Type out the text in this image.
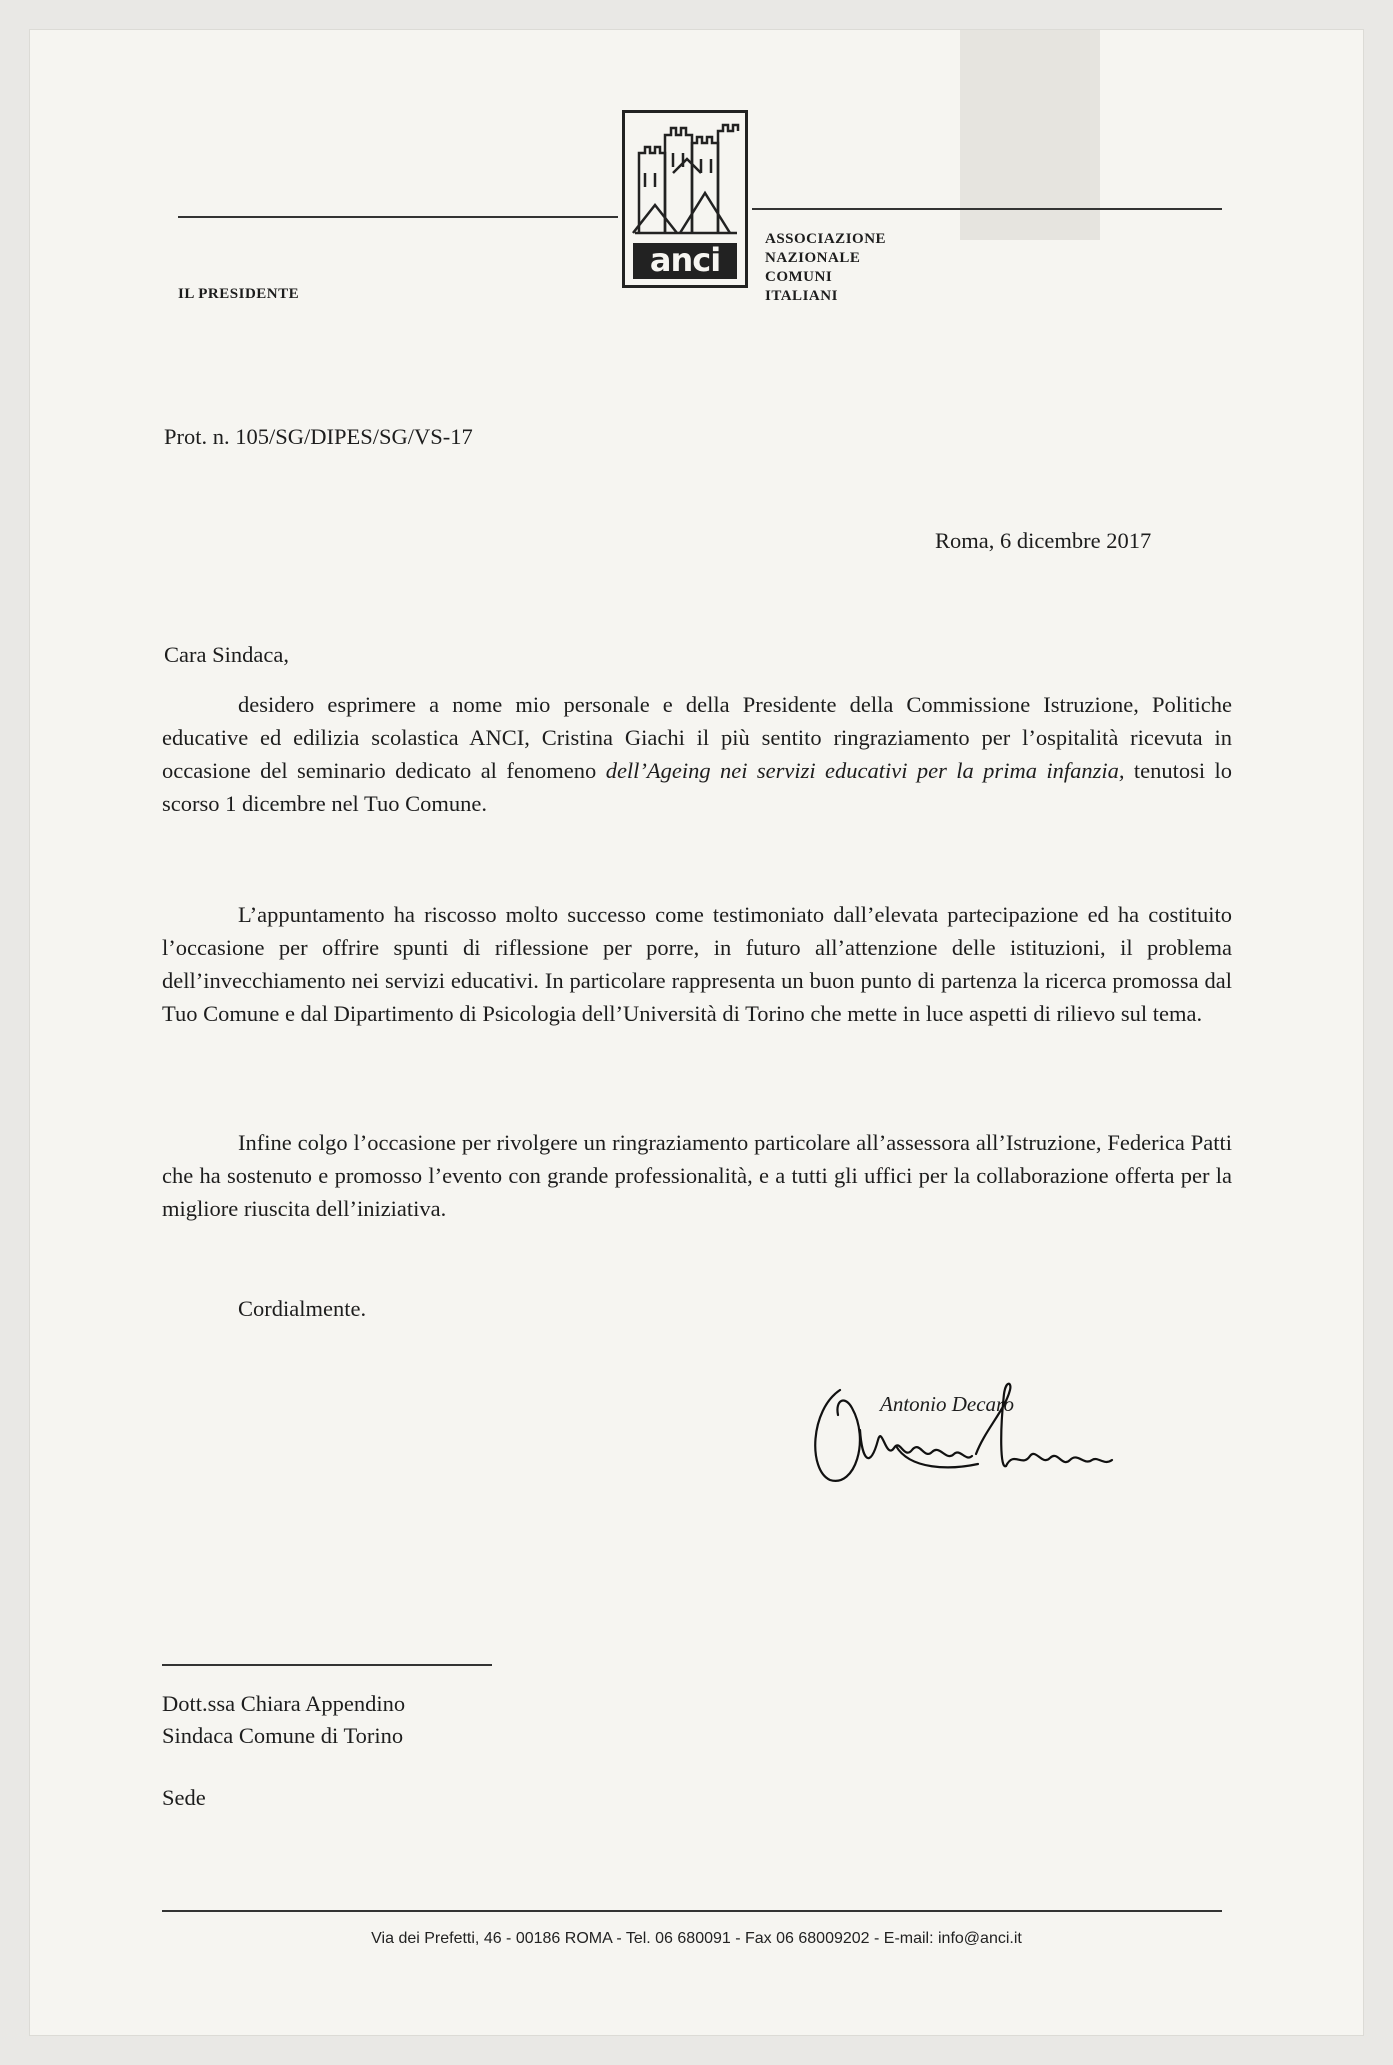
anci
ASSOCIAZIONE
NAZIONALE
COMUNI
ITALIANI
IL PRESIDENTE
Prot. n. 105/SG/DIPES/SG/VS-17
Roma, 6 dicembre 2017
Cara Sindaca,
desidero esprimere a nome mio personale e della Presidente della Commissione Istruzione, Politiche educative ed edilizia scolastica ANCI, Cristina Giachi il più sentito ringraziamento per l’ospitalità ricevuta in occasione del seminario dedicato al fenomeno dell’Ageing nei servizi educativi per la prima infanzia, tenutosi lo scorso 1 dicembre nel Tuo Comune.
L’appuntamento ha riscosso molto successo come testimoniato dall’elevata partecipazione ed ha costituito l’occasione per offrire spunti di riflessione per porre, in futuro all’attenzione delle istituzioni, il problema dell’invecchiamento nei servizi educativi. In particolare rappresenta un buon punto di partenza la ricerca promossa dal Tuo Comune e dal Dipartimento di Psicologia dell’Università di Torino che mette in luce aspetti di rilievo sul tema.
Infine colgo l’occasione per rivolgere un ringraziamento particolare all’assessora all’Istruzione, Federica Patti che ha sostenuto e promosso l’evento con grande professionalità, e a tutti gli uffici per la collaborazione offerta per la migliore riuscita dell’iniziativa.
Cordialmente.
Antonio Decaro
Dott.ssa Chiara Appendino
Sindaca Comune di Torino
Sede
Via dei Prefetti, 46 - 00186 ROMA - Tel. 06 680091 - Fax 06 68009202 - E-mail: info@anci.it
